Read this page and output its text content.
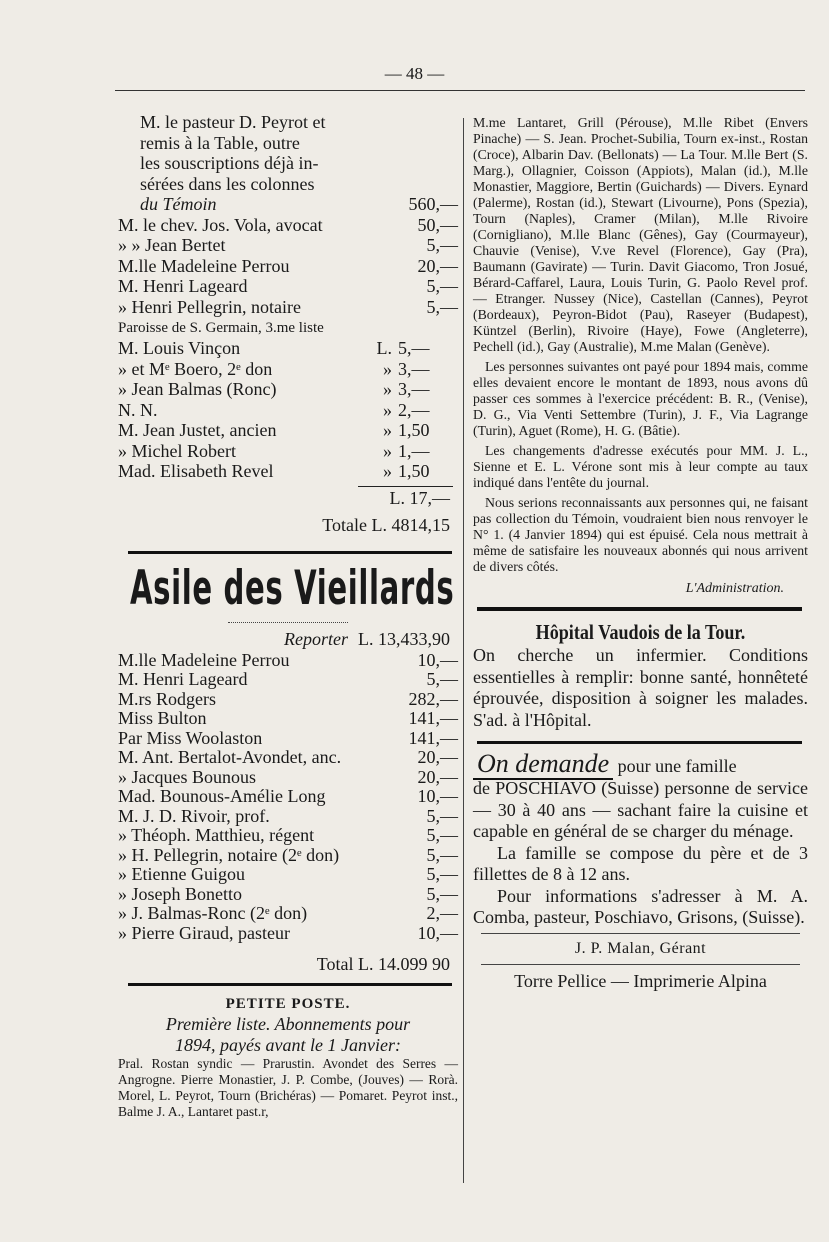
— 48 —
M. le pasteur D. Peyrot et
remis à la Table, outre
les souscriptions déjà in-
sérées dans les colonnes
du Témoin	560,—
M. le chev. Jos. Vola, avocat	50,—
» » Jean Bertet	5,—
M.lle Madeleine Perrou	20,—
M. Henri Lageard	5,—
» Henri Pellegrin, notaire	5,—
Paroisse de S. Germain, 3.me liste
M. Louis Vinçon	L. 5,—
» et Mᵉ Boero, 2ᵉ don	» 3,—
» Jean Balmas (Ronc)	» 3,—
N. N.	» 2,—
M. Jean Justet, ancien	» 1,50
» Michel Robert	» 1,—
Mad. Elisabeth Revel	» 1,50
L. 17,—
Totale L. 4814,15
Asile des Vieillards
Reporter L. 13,433,90
M.lle Madeleine Perrou	10,—
M. Henri Lageard	5,—
M.rs Rodgers	282,—
Miss Bulton	141,—
Par Miss Woolaston	141,—
M. Ant. Bertalot-Avondet, anc.	20,—
» Jacques Bounous	20,—
Mad. Bounous-Amélie Long	10,—
M. J. D. Rivoir, prof.	5,—
» Théoph. Matthieu, régent	5,—
» H. Pellegrin, notaire (2ᵉ don)	5,—
» Etienne Guigou	5,—
» Joseph Bonetto	5,—
» J. Balmas-Ronc (2ᵉ don)	2,—
» Pierre Giraud, pasteur	10,—
Total L. 14.099 90
PETITE POSTE.
Première liste. Abonnements pour
1894, payés avant le 1 Janvier:
Pral. Rostan syndic — Prarustin. Avondet des Serres — Angrogne. Pierre Monastier, J. P. Combe, (Jouves) — Rorà. Morel, L. Peyrot, Tourn (Brichéras) — Pomaret. Peyrot inst., Balme J. A., Lantaret past.r,

M.me Lantaret, Grill (Pérouse), M.lle Ribet (Envers Pinache) — S. Jean. Prochet-Subilia, Tourn ex-inst., Rostan (Croce), Albarin Dav. (Bellonats) — La Tour. M.lle Bert (S. Marg.), Ollagnier, Coisson (Appiots), Malan (id.), M.lle Monastier, Maggiore, Bertin (Guichards) — Divers. Eynard (Palerme), Rostan (id.), Stewart (Livourne), Pons (Spezia), Tourn (Naples), Cramer (Milan), M.lle Rivoire (Cornigliano), M.lle Blanc (Gênes), Gay (Courmayeur), Chauvie (Venise), V.ve Revel (Florence), Gay (Pra), Baumann (Gavirate) — Turin. Davit Giacomo, Tron Josué, Bérard-Caffarel, Laura, Louis Turin, G. Paolo Revel prof. — Etranger. Nussey (Nice), Castellan (Cannes), Peyrot (Bordeaux), Peyron-Bidot (Pau), Raseyer (Budapest), Küntzel (Berlin), Rivoire (Haye), Fowe (Angleterre), Pechell (id.), Gay (Australie), M.me Malan (Genève).

Les personnes suivantes ont payé pour 1894 mais, comme elles devaient encore le montant de 1893, nous avons dû passer ces sommes à l'exercice précédent: B. R., (Venise), D. G., Via Venti Settembre (Turin), J. F., Via Lagrange (Turin), Aguet (Rome), H. G. (Bâtie).

Les changements d'adresse exécutés pour MM. J. L., Sienne et E. L. Vérone sont mis à leur compte au taux indiqué dans l'entête du journal.

Nous serions reconnaissants aux personnes qui, ne faisant pas collection du Témoin, voudraient bien nous renvoyer le N° 1. (4 Janvier 1894) qui est épuisé. Cela nous mettrait à même de satisfaire les nouveaux abonnés qui nous arrivent de divers côtés.

L'Administration.
Hôpital Vaudois de la Tour.

On cherche un infermier. Conditions essentielles à remplir: bonne santé, honnêteté éprouvée, disposition à soigner les malades. S'ad. à l'Hôpital.

On demande pour une famille

de POSCHIAVO (Suisse) personne de service — 30 à 40 ans — sachant faire la cuisine et capable en général de se charger du ménage.

La famille se compose du père et de 3 fillettes de 8 à 12 ans.

Pour informations s'adresser à M. A. Comba, pasteur, Poschiavo, Grisons, (Suisse).

J. P. Malan, Gérant
Torre Pellice — Imprimerie Alpina
